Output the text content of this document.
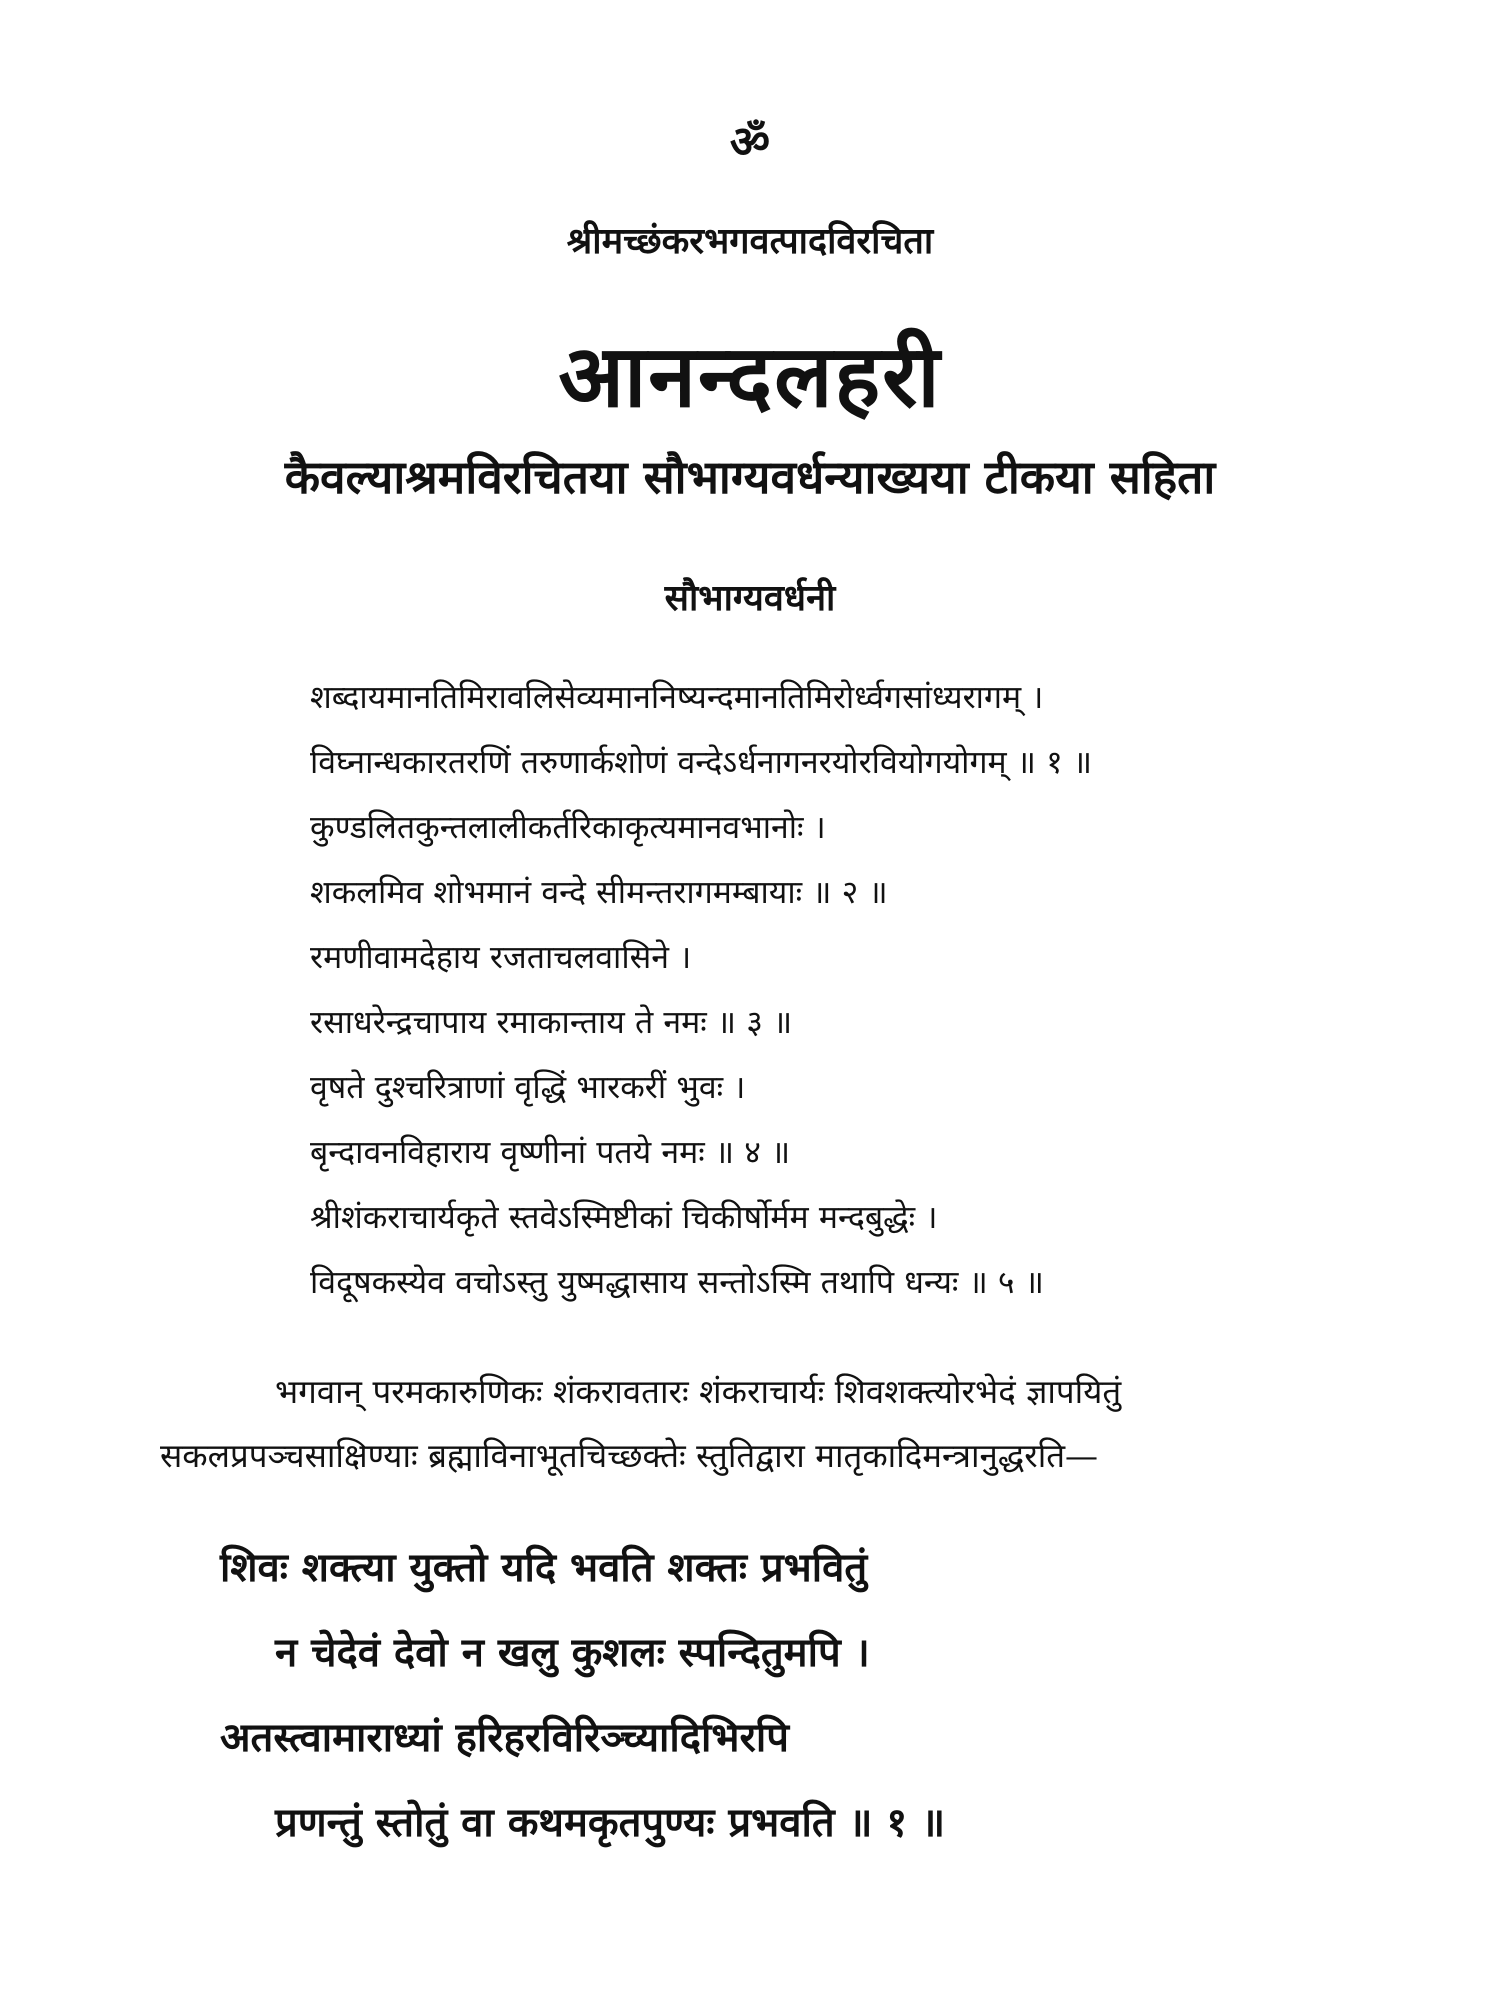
ॐ
श्रीमच्छंकरभगवत्पादविरचिता
आनन्दलहरी
कैवल्याश्रमविरचितया सौभाग्यवर्धन्याख्यया टीकया सहिता
सौभाग्यवर्धनी
शब्दायमानतिमिरावलिसेव्यमाननिष्यन्दमानतिमिरोर्ध्वगसांध्यरागम् ।
विघ्नान्धकारतरणिं तरुणार्कशोणं वन्देऽर्धनागनरयोरवियोगयोगम् ॥ १ ॥
कुण्डलितकुन्तलालीकर्तरिकाकृत्यमानवभानोः ।
शकलमिव शोभमानं वन्दे सीमन्तरागमम्बायाः ॥ २ ॥
रमणीवामदेहाय रजताचलवासिने ।
रसाधरेन्द्रचापाय रमाकान्ताय ते नमः ॥ ३ ॥
वृषते दुश्चरित्राणां वृद्धिं भारकरीं भुवः ।
बृन्दावनविहाराय वृष्णीनां पतये नमः ॥ ४ ॥
श्रीशंकराचार्यकृते स्तवेऽस्मिष्टीकां चिकीर्षोर्मम मन्दबुद्धेः ।
विदूषकस्येव वचोऽस्तु युष्मद्धासाय सन्तोऽस्मि तथापि धन्यः ॥ ५ ॥
भगवान् परमकारुणिकः शंकरावतारः शंकराचार्यः शिवशक्त्योरभेदं ज्ञापयितुं
सकलप्रपञ्चसाक्षिण्याः ब्रह्माविनाभूतचिच्छक्तेः स्तुतिद्वारा मातृकादिमन्त्रानुद्धरति—
शिवः शक्त्या युक्तो यदि भवति शक्तः प्रभवितुं
न चेदेवं देवो न खलु कुशलः स्पन्दितुमपि ।
अतस्त्वामाराध्यां हरिहरविरिञ्च्यादिभिरपि
प्रणन्तुं स्तोतुं वा कथमकृतपुण्यः प्रभवति ॥ १ ॥
